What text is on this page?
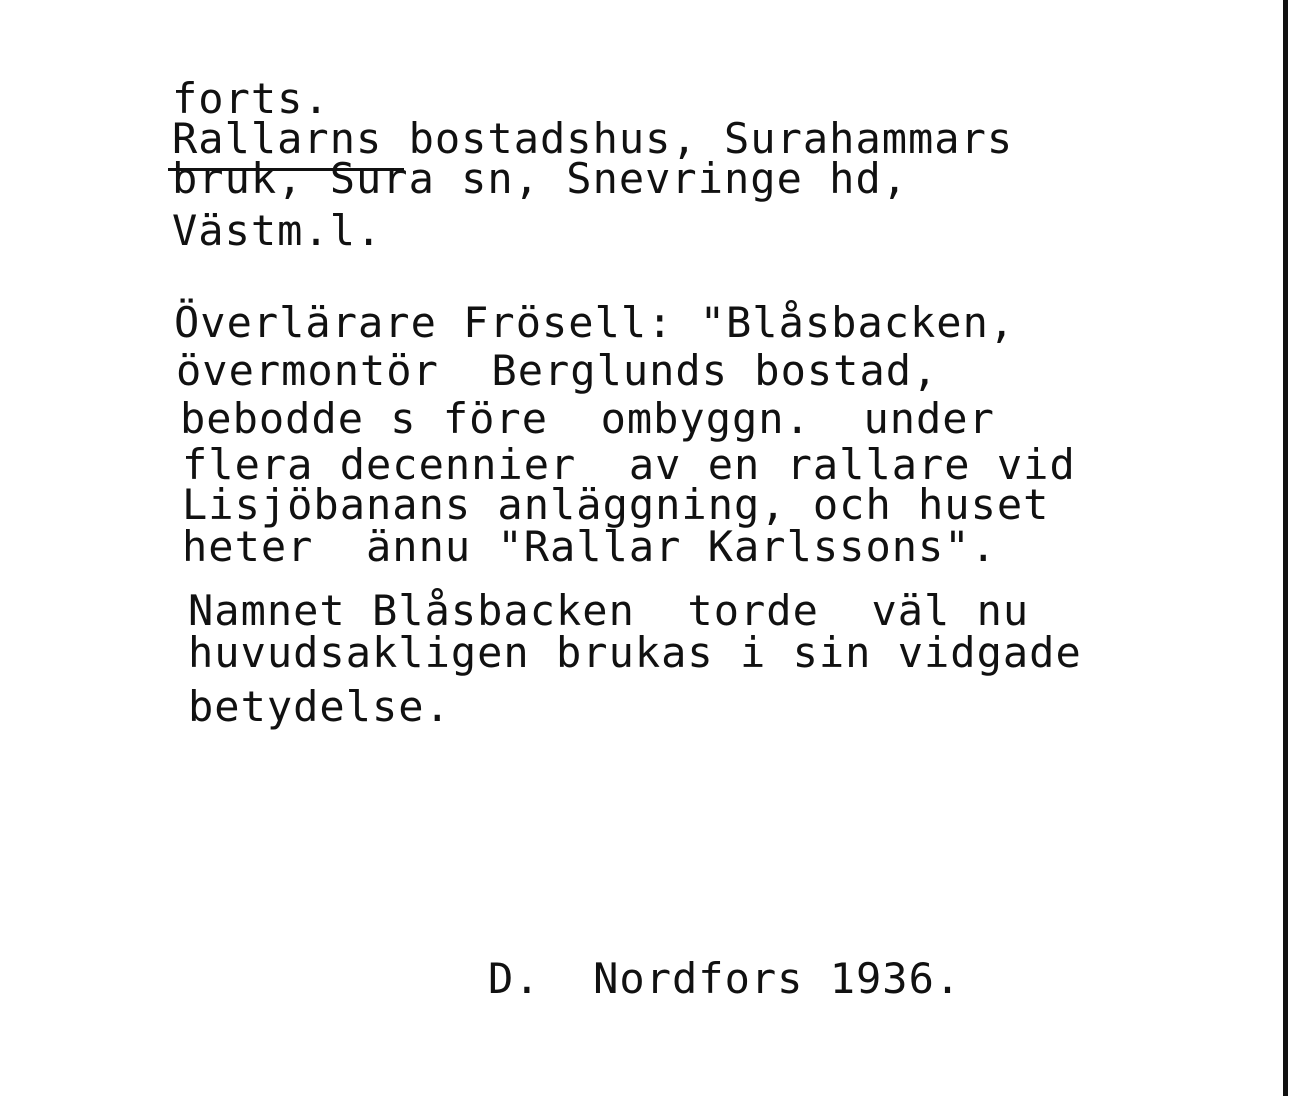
forts.
Rallarns bostadshus, Surahammars
bruk, Sura sn, Snevringe hd,
Västm.l.
Överlärare Frösell: "Blåsbacken,
övermontör  Berglunds bostad,
bebodde s före  ombyggn.  under
flera decennier  av en rallare vid
Lisjöbanans anläggning, och huset
heter  ännu "Rallar Karlssons".
Namnet Blåsbacken  torde  väl nu
huvudsakligen brukas i sin vidgade
betydelse.
D.  Nordfors 1936.
